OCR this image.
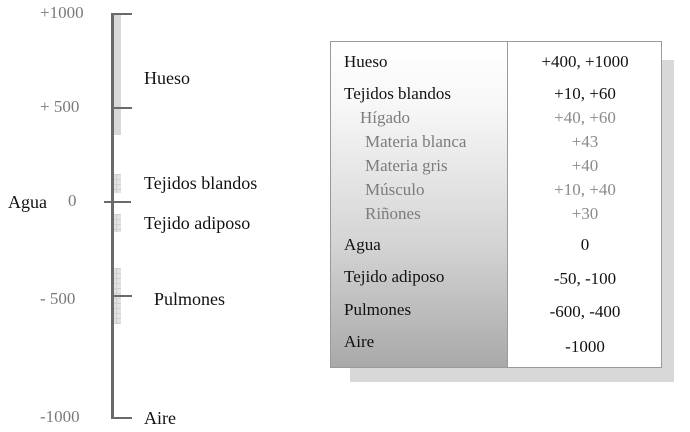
+1000
+ 500
Agua 0
- 500
-1000
Hueso
Tejidos blandos
Tejido adiposo
Pulmones
Aire
Hueso	+400, +1000
Tejidos blandos	+10, +60
Hígado	+40, +60
Materia blanca	+43
Materia gris	+40
Músculo	+10, +40
Riñones	+30
Agua	0
Tejido adiposo	-50, -100
Pulmones	-600, -400
Aire	-1000
